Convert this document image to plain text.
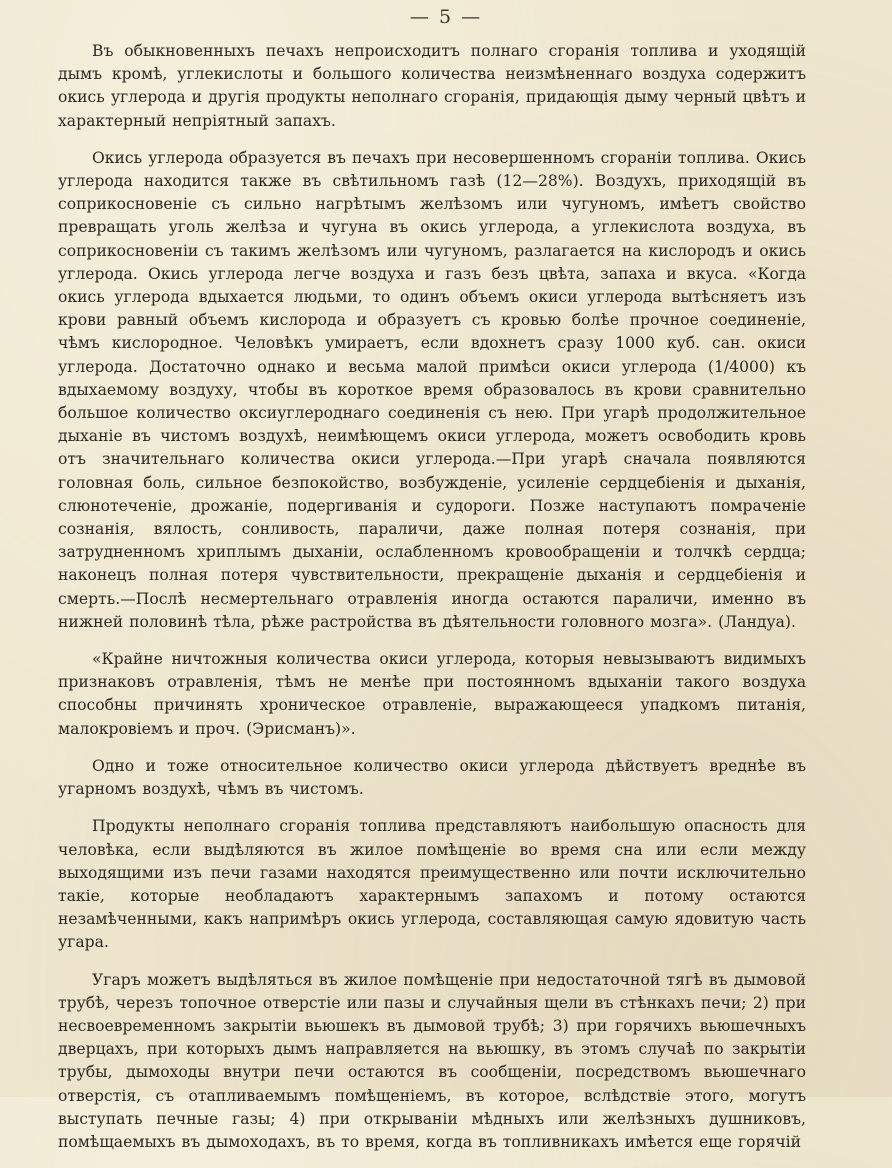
— 5 —

Въ обыкновенныхъ печахъ непроисходитъ полнаго сгоранія топлива и уходящій дымъ кромѣ, углекислоты и большого количества неизмѣненнаго воздуха содержитъ окись углерода и другія продукты неполнаго сгоранія, придающія дыму черный цвѣтъ и характерный непріятный запахъ.

Окись углерода образуется въ печахъ при несовершенномъ сгораніи топлива. Окись углерода находится также въ свѣтильномъ газѣ (12—28%). Воздухъ, приходящій въ соприкосновеніе съ сильно нагрѣтымъ желѣзомъ или чугуномъ, имѣетъ свойство превращать уголь желѣза и чугуна въ окись углерода, а углекислота воздуха, въ соприкосновеніи съ такимъ желѣзомъ или чугуномъ, разлагается на кислородъ и окись углерода. Окись углерода легче воздуха и газъ безъ цвѣта, запаха и вкуса. «Когда окись углерода вдыхается людьми, то одинъ объемъ окиси углерода вытѣсняетъ изъ крови равный объемъ кислорода и образуетъ съ кровью болѣе прочное соединеніе, чѣмъ кислородное. Человѣкъ умираетъ, если вдохнетъ сразу 1000 куб. сан. окиси углерода. Достаточно однако и весьма малой примѣси окиси углерода (1/4000) къ вдыхаемому воздуху, чтобы въ короткое время образовалось въ крови сравнительно большое количество оксиуглероднаго соединенія съ нею. При угарѣ продолжительное дыханіе въ чистомъ воздухѣ, неимѣющемъ окиси углерода, можетъ освободить кровь отъ значительнаго количества окиси углерода.—При угарѣ сначала появляются головная боль, сильное безпокойство, возбужденіе, усиленіе сердцебіенія и дыханія, слюнотеченіе, дрожаніе, подергиванія и судороги. Позже наступаютъ помраченіе сознанія, вялость, сонливость, параличи, даже полная потеря сознанія, при затрудненномъ хриплымъ дыханіи, ослабленномъ кровообращеніи и толчкѣ сердца; наконецъ полная потеря чувствительности, прекращеніе дыханія и сердцебіенія и смерть.—Послѣ несмертельнаго отравленія иногда остаются параличи, именно въ нижней половинѣ тѣла, рѣже растройства въ дѣятельности головного мозга». (Ландуа).

«Крайне ничтожныя количества окиси углерода, которыя невызываютъ видимыхъ признаковъ отравленія, тѣмъ не менѣе при постоянномъ вдыханіи такого воздуха способны причинять хроническое отравленіе, выражающееся упадкомъ питанія, малокровіемъ и проч. (Эрисманъ)».

Одно и тоже относительное количество окиси углерода дѣйствуетъ вреднѣе въ угарномъ воздухѣ, чѣмъ въ чистомъ.

Продукты неполнаго сгоранія топлива представляютъ наибольшую опасность для человѣка, если выдѣляются въ жилое помѣщеніе во время сна или если между выходящими изъ печи газами находятся преимущественно или почти исключительно такіе, которые необладаютъ характернымъ запахомъ и потому остаются незамѣченными, какъ напримѣръ окись углерода, составляющая самую ядовитую часть угара.

Угаръ можетъ выдѣляться въ жилое помѣщеніе при недостаточной тягѣ въ дымовой трубѣ, черезъ топочное отверстіе или пазы и случайныя щели въ стѣнкахъ печи; 2) при несвоевременномъ закрытіи вьюшекъ въ дымовой трубѣ; 3) при горячихъ вьюшечныхъ дверцахъ, при которыхъ дымъ направляется на вьюшку, въ этомъ случаѣ по закрытіи трубы, дымоходы внутри печи остаются въ сообщеніи, посредствомъ вьюшечнаго отверстія, съ отапливаемымъ помѣщеніемъ, въ которое, вслѣдствіе этого, могутъ выступать печные газы; 4) при открываніи мѣдныхъ или желѣзныхъ душниковъ, помѣщаемыхъ въ дымоходахъ, въ то время, когда въ топливникахъ имѣется еще горячій
